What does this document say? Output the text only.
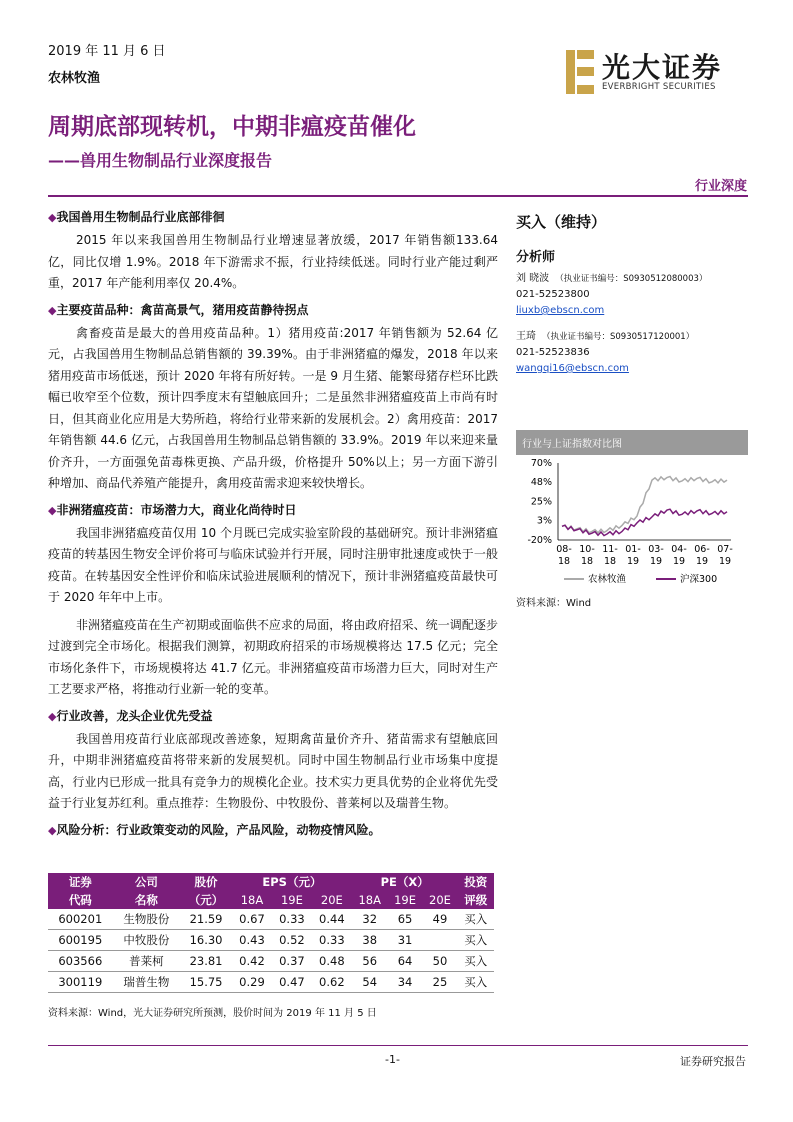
2019 年 11 月 6 日
农林牧渔	光大证券
EVERBRIGHT SECURITIES
周期底部现转机，中期非瘟疫苗催化
——兽用生物制品行业深度报告
行业深度
◆我国兽用生物制品行业底部徘徊

2015 年以来我国兽用生物制品行业增速显著放缓，2017 年销售额133.64 亿，同比仅增 1.9%。2018 年下游需求不振，行业持续低迷。同时行业产能过剩严重，2017 年产能利用率仅 20.4%。

◆主要疫苗品种：禽苗高景气，猪用疫苗静待拐点

禽畜疫苗是最大的兽用疫苗品种。1）猪用疫苗:2017 年销售额为 52.64 亿元，占我国兽用生物制品总销售额的 39.39%。由于非洲猪瘟的爆发，2018 年以来猪用疫苗市场低迷，预计 2020 年将有所好转。一是 9 月生猪、能繁母猪存栏环比跌幅已收窄至个位数，预计四季度末有望触底回升；二是虽然非洲猪瘟疫苗上市尚有时日，但其商业化应用是大势所趋，将给行业带来新的发展机会。2）禽用疫苗：2017 年销售额 44.6 亿元，占我国兽用生物制品总销售额的 33.9%。2019 年以来迎来量价齐升，一方面强免苗毒株更换、产品升级，价格提升 50%以上；另一方面下游引种增加、商品代养殖产能提升，禽用疫苗需求迎来较快增长。

◆非洲猪瘟疫苗：市场潜力大，商业化尚待时日

我国非洲猪瘟疫苗仅用 10 个月既已完成实验室阶段的基础研究。预计非洲猪瘟疫苗的转基因生物安全评价将可与临床试验并行开展，同时注册审批速度或快于一般疫苗。在转基因安全性评价和临床试验进展顺利的情况下，预计非洲猪瘟疫苗最快可于 2020 年年中上市。

非洲猪瘟疫苗在生产初期或面临供不应求的局面，将由政府招采、统一调配逐步过渡到完全市场化。根据我们测算，初期政府招采的市场规模将达 17.5 亿元；完全市场化条件下，市场规模将达 41.7 亿元。非洲猪瘟疫苗市场潜力巨大，同时对生产工艺要求严格，将推动行业新一轮的变革。

◆行业改善，龙头企业优先受益

我国兽用疫苗行业底部现改善迹象，短期禽苗量价齐升、猪苗需求有望触底回升，中期非洲猪瘟疫苗将带来新的发展契机。同时中国生物制品行业市场集中度提高，行业内已形成一批具有竞争力的规模化企业。技术实力更具优势的企业将优先受益于行业复苏红利。重点推荐：生物股份、中牧股份、普莱柯以及瑞普生物。

◆风险分析：行业政策变动的风险，产品风险，动物疫情风险。
买入（维持）
分析师
刘 晓波 （执业证书编号：S0930512080003）
021-52523800
liuxb@ebscn.com
王琦 （执业证书编号：S0930517120001）
021-52523836
wangqi16@ebscn.com
行业与上证指数对比图
70%
48%
25%
3%
-20%
08-
18
10-
18
11-
18
01-
19
03-
19
04-
19
06-
19
07-
19
农林牧渔	沪深300
资料来源：Wind
证券	公司	股价	EPS（元）			PE（X）			投资
代码	名称	（元）	18A	19E	20E	18A	19E	20E	评级
600201	生物股份	21.59	0.67	0.33	0.44	32	65	49	买入
600195	中牧股份	16.30	0.43	0.52	0.33	38	31		买入
603566	普莱柯	23.81	0.42	0.37	0.48	56	64	50	买入
300119	瑞普生物	15.75	0.29	0.47	0.62	54	34	25	买入
资料来源：Wind，光大证券研究所预测，股价时间为 2019 年 11 月 5 日
-1-	证券研究报告
